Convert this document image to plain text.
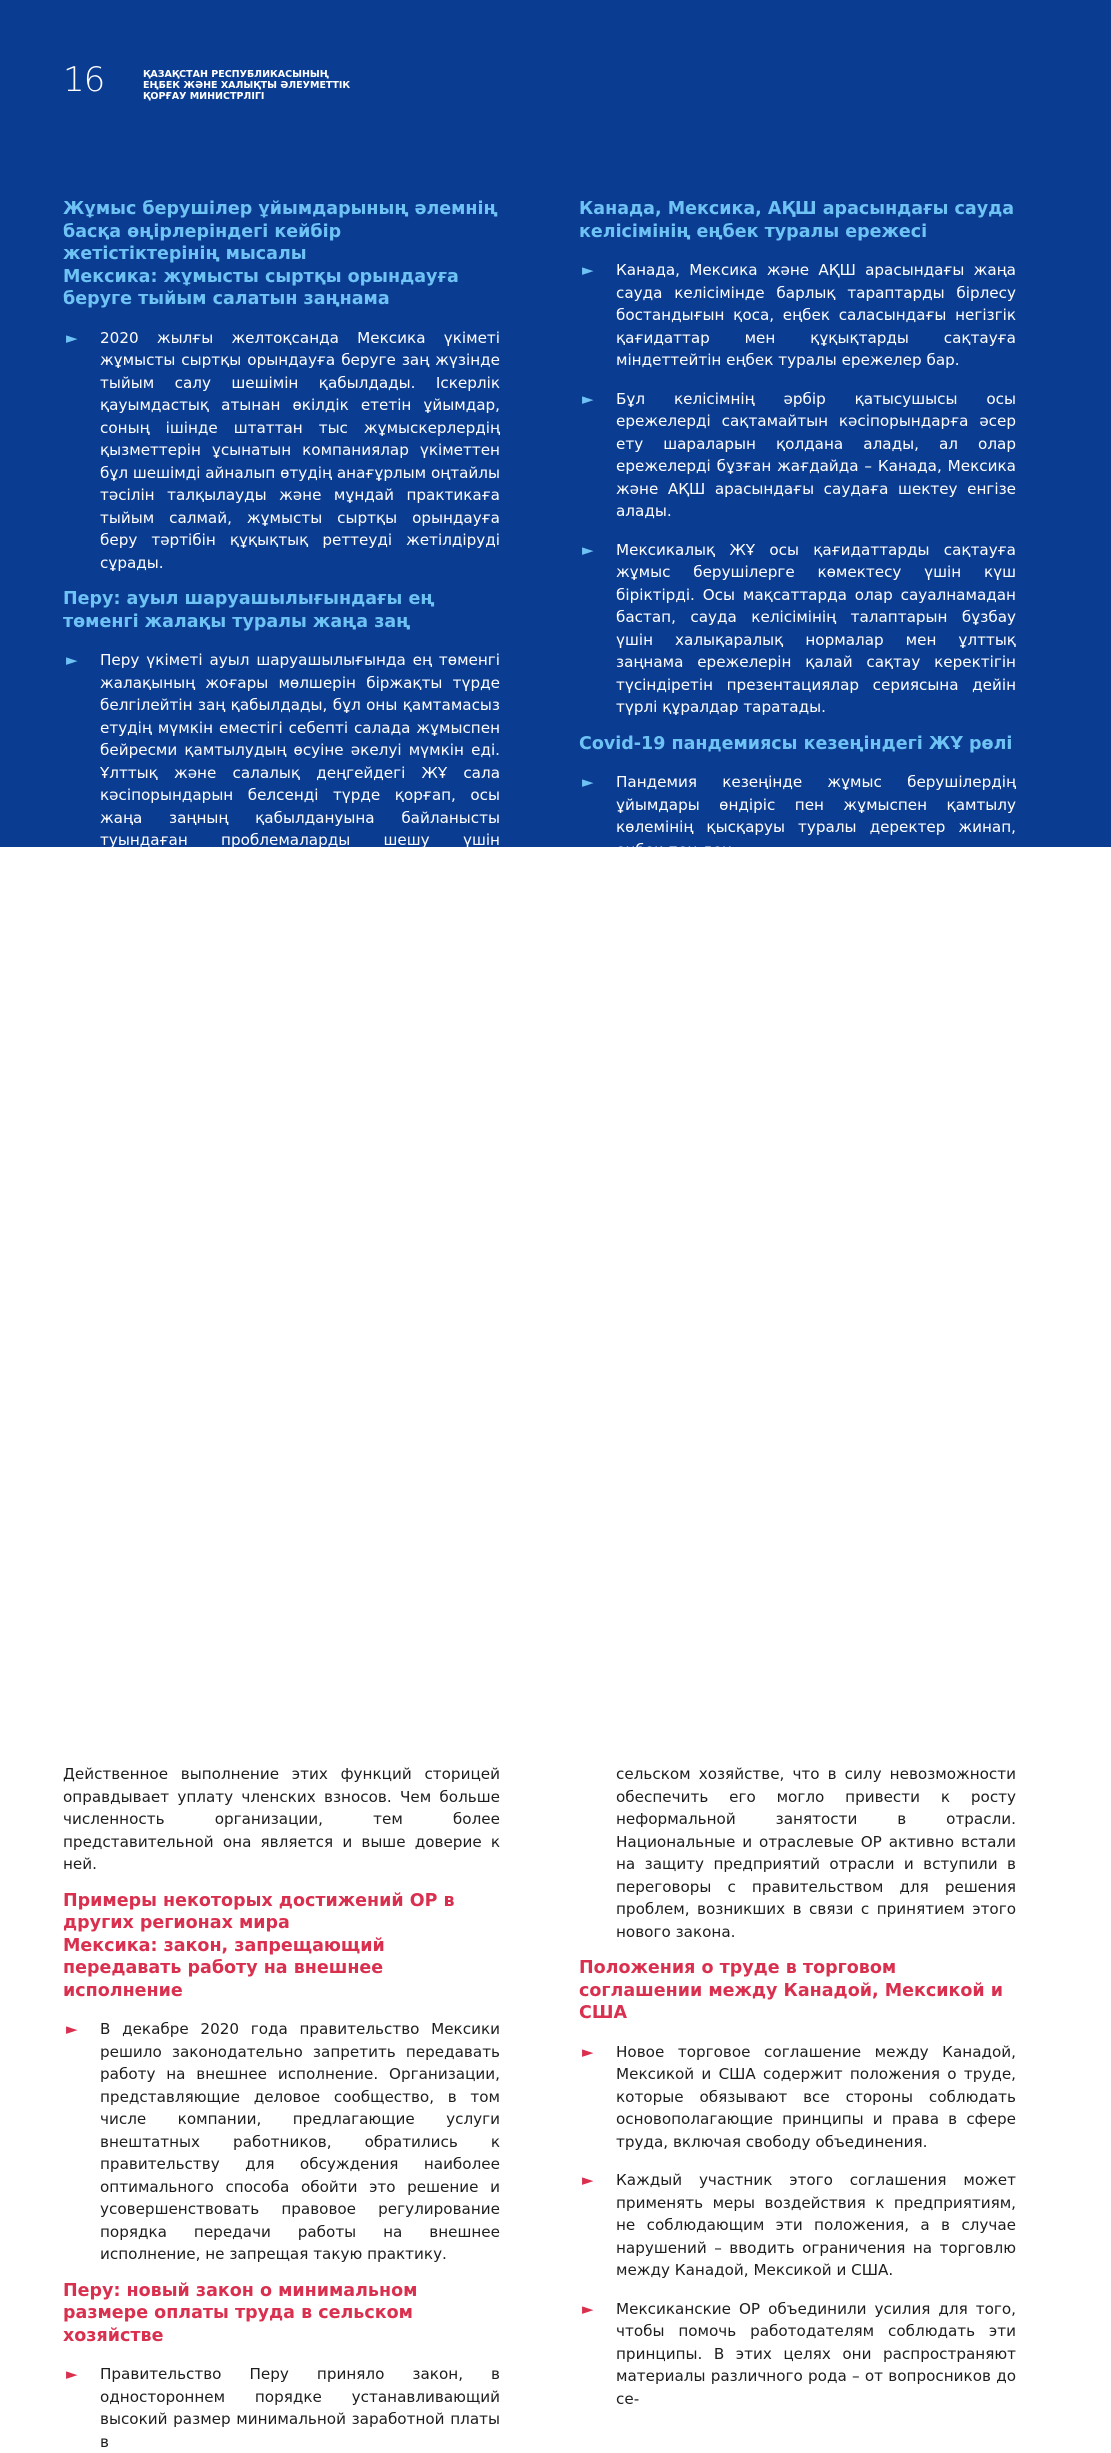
16	ҚАЗАҚСТАН РЕСПУБЛИКАСЫНЫҢ
ЕҢБЕК ЖӘНЕ ХАЛЫҚТЫ ӘЛЕУМЕТТІК
ҚОРҒАУ МИНИСТРЛІГІ
Жұмыс берушілер ұйымдарының әлемнің басқа өңірлеріндегі кейбір жетістіктерінің мысалы
Мексика: жұмысты сыртқы орындауға беруге тыйым салатын заңнама
► 2020 жылғы желтоқсанда Мексика үкіметі жұмысты сыртқы орындауға беруге заң жүзінде тыйым салу шешімін қабылдады. Іскерлік қауымдастық атынан өкілдік ететін ұйымдар, соның ішінде штаттан тыс жұмыскерлердің қызметтерін ұсынатын компаниялар үкіметтен бұл шешімді айналып өтудің анағұрлым оңтайлы тәсілін талқылауды және мұндай практикаға тыйым салмай, жұмысты сыртқы орындауға беру тәртібін құқықтық реттеуді жетілдіруді сұрады.

Перу: ауыл шаруашылығындағы ең төменгі жалақы туралы жаңа заң
► Перу үкіметі ауыл шаруашылығында ең төменгі жалақының жоғары мөлшерін біржақты түрде белгілейтін заң қабылдады, бұл оны қамтамасыз етудің мүмкін еместігі себепті салада жұмыспен бейресми қамтылудың өсуіне әкелуі мүмкін еді. Ұлттық және салалық деңгейдегі ЖҰ сала кәсіпорындарын белсенді түрде қорғап, осы жаңа заңның қабылдануына байланысты туындаған проблемаларды шешу үшін үкіметпен келіссөздер жүргізді.

Канада, Мексика, АҚШ арасындағы сауда келісімінің еңбек туралы ережесі
► Канада, Мексика және АҚШ арасындағы жаңа сауда келісімінде барлық тараптарды бірлесу бостандығын қоса, еңбек саласындағы негізгік қағидаттар мен құқықтарды сақтауға міндеттейтін еңбек туралы ережелер бар.

► Бұл келісімнің әрбір қатысушысы осы ережелерді сақтамайтын кәсіпорындарға әсер ету шараларын қолдана алады, ал олар ережелерді бұзған жағдайда – Канада, Мексика және АҚШ арасындағы саудаға шектеу енгізе алады.

► Мексикалық ЖҰ осы қағидаттарды сақтауға жұмыс берушілерге көмектесу үшін күш біріктірді. Осы мақсаттарда олар сауалнамадан бастап, сауда келісімінің талаптарын бұзбау үшін халықаралық нормалар мен ұлттық заңнама ережелерін қалай сақтау керектігін түсіндіретін презентациялар сериясына дейін түрлі құралдар таратады.

Covid-19 пандемиясы кезеңіндегі ЖҰ рөлі
► Пандемия кезеңінде жұмыс берушілердің ұйымдары өндіріс пен жұмыспен қамтылу көлемінің қысқаруы туралы деректер жинап, еңбек пен ден-

Действенное выполнение этих функций сторицей оправдывает уплату членских взносов. Чем больше численность организации, тем более представительной она является и выше доверие к ней.

Примеры некоторых достижений ОР в других регионах мира
Мексика: закон, запрещающий передавать работу на внешнее исполнение
► В декабре 2020 года правительство Мексики решило законодательно запретить передавать работу на внешнее исполнение. Организации, представляющие деловое сообщество, в том числе компании, предлагающие услуги внештатных работников, обратились к правительству для обсуждения наиболее оптимального способа обойти это решение и усовершенствовать правовое регулирование порядка передачи работы на внешнее исполнение, не запрещая такую практику.

Перу: новый закон о минимальном размере оплаты труда в сельском хозяйстве
► Правительство Перу приняло закон, в одностороннем порядке устанавливающий высокий размер минимальной заработной платы в

сельском хозяйстве, что в силу невозможности обеспечить его могло привести к росту неформальной занятости в отрасли. Национальные и отраслевые ОР активно встали на защиту предприятий отрасли и вступили в переговоры с правительством для решения проблем, возникших в связи с принятием этого нового закона.

Положения о труде в торговом соглашении между Канадой, Мексикой и США
► Новое торговое соглашение между Канадой, Мексикой и США содержит положения о труде, которые обязывают все стороны соблюдать основополагающие принципы и права в сфере труда, включая свободу объединения.

► Каждый участник этого соглашения может применять меры воздействия к предприятиям, не соблюдающим эти положения, а в случае нарушений – вводить ограничения на торговлю между Канадой, Мексикой и США.

► Мексиканские ОР объединили усилия для того, чтобы помочь работодателям соблюдать эти принципы. В этих целях они распространяют материалы различного рода – от вопросников до се-
